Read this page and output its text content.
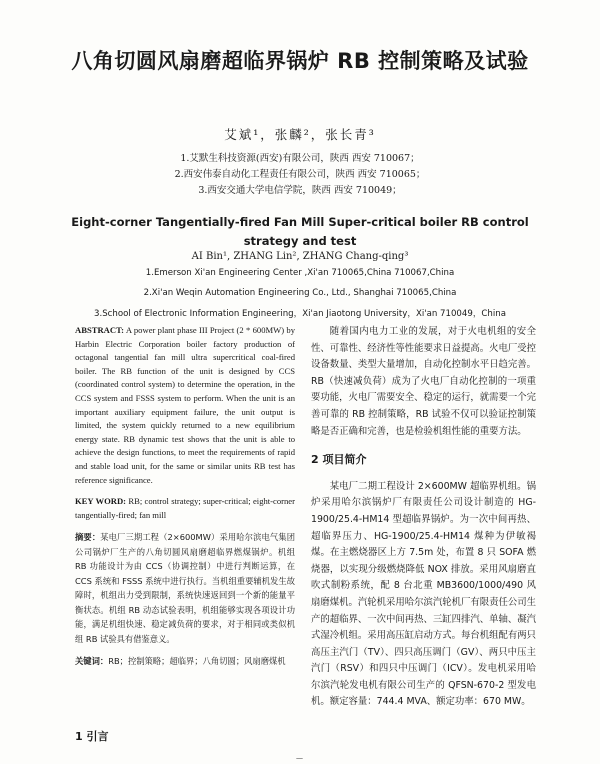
八角切圆风扇磨超临界锅炉 RB 控制策略及试验
艾斌¹，张麟²，张长青³
1.艾默生科技资源(西安)有限公司，陕西 西安 710067；
2.西安伟泰自动化工程责任有限公司，陕西 西安 710065；
3.西安交通大学电信学院，陕西 西安 710049；
Eight-corner Tangentially-fired Fan Mill Super-critical boiler RB control strategy and test
AI Bin¹, ZHANG Lin², ZHANG Chang-qing³
1.Emerson Xi'an Engineering Center ,Xi'an 710065,China 710067,China
2.Xi'an Weqin Automation Engineering Co., Ltd., Shanghai 710065,China
3.School of Electronic Information Engineering，Xi'an Jiaotong University，Xi'an 710049，China

ABSTRACT: A power plant phase III Project (2 * 600MW) by Harbin Electric Corporation boiler factory production of octagonal tangential fan mill ultra supercritical coal-fired boiler. The RB function of the unit is designed by CCS (coordinated control system) to determine the operation, in the CCS system and FSSS system to perform. When the unit is an important auxiliary equipment failure, the unit output is limited, the system quickly returned to a new equilibrium energy state. RB dynamic test shows that the unit is able to achieve the design functions, to meet the requirements of rapid and stable load unit, for the same or similar units RB test has reference significance.

KEY WORD: RB; control strategy; super-critical; eight-corner tangentially-fired; fan mill

摘要：某电厂三期工程（2×600MW）采用哈尔滨电气集团公司锅炉厂生产的八角切圆风扇磨超临界燃煤锅炉。机组 RB 功能设计为由 CCS（协调控制）中进行判断运算，在 CCS 系统和 FSSS 系统中进行执行。当机组重要辅机发生故障时，机组出力受到限制，系统快速返回到一个新的能量平衡状态。机组 RB 动态试验表明，机组能够实现各项设计功能，满足机组快速、稳定减负荷的要求，对于相同或类似机组 RB 试验具有借鉴意义。

关键词：RB；控制策略；超临界；八角切圆；风扇磨煤机

1 引言

随着国内电力工业的发展，对于火电机组的安全性、可靠性、经济性等性能要求日益提高。火电厂受控设备数量、类型大量增加，自动化控制水平日趋完善。RB（快速减负荷）成为了火电厂自动化控制的一项重要功能，火电厂需要安全、稳定的运行，就需要一个完善可靠的 RB 控制策略，RB 试验不仅可以验证控制策略是否正确和完善，也是检验机组性能的重要方法。

2 项目简介

某电厂二期工程设计 2×600MW 超临界机组。锅炉采用哈尔滨锅炉厂有限责任公司设计制造的 HG-1900/25.4-HM14 型超临界锅炉。为一次中间再热、超临界压力、HG-1900/25.4-HM14 煤种为伊敏褐煤。在主燃烧器区上方 7.5m 处，布置 8 只 SOFA 燃烧器，以实现分级燃烧降低 NOX 排放。采用风扇磨直吹式制粉系统，配 8 台北重 MB3600/1000/490 风扇磨煤机。汽轮机采用哈尔滨汽轮机厂有限责任公司生产的超临界、一次中间再热、三缸四排汽、单轴、凝汽式湿冷机组。采用高压缸启动方式。每台机组配有两只高压主汽门（TV）、四只高压调门（GV）、两只中压主汽门（RSV）和四只中压调门（ICV）。发电机采用哈尔滨汽轮发电机有限公司生产的 QFSN-670-2 型发电机。额定容量：744.4 MVA、额定功率：670 MW。

—
